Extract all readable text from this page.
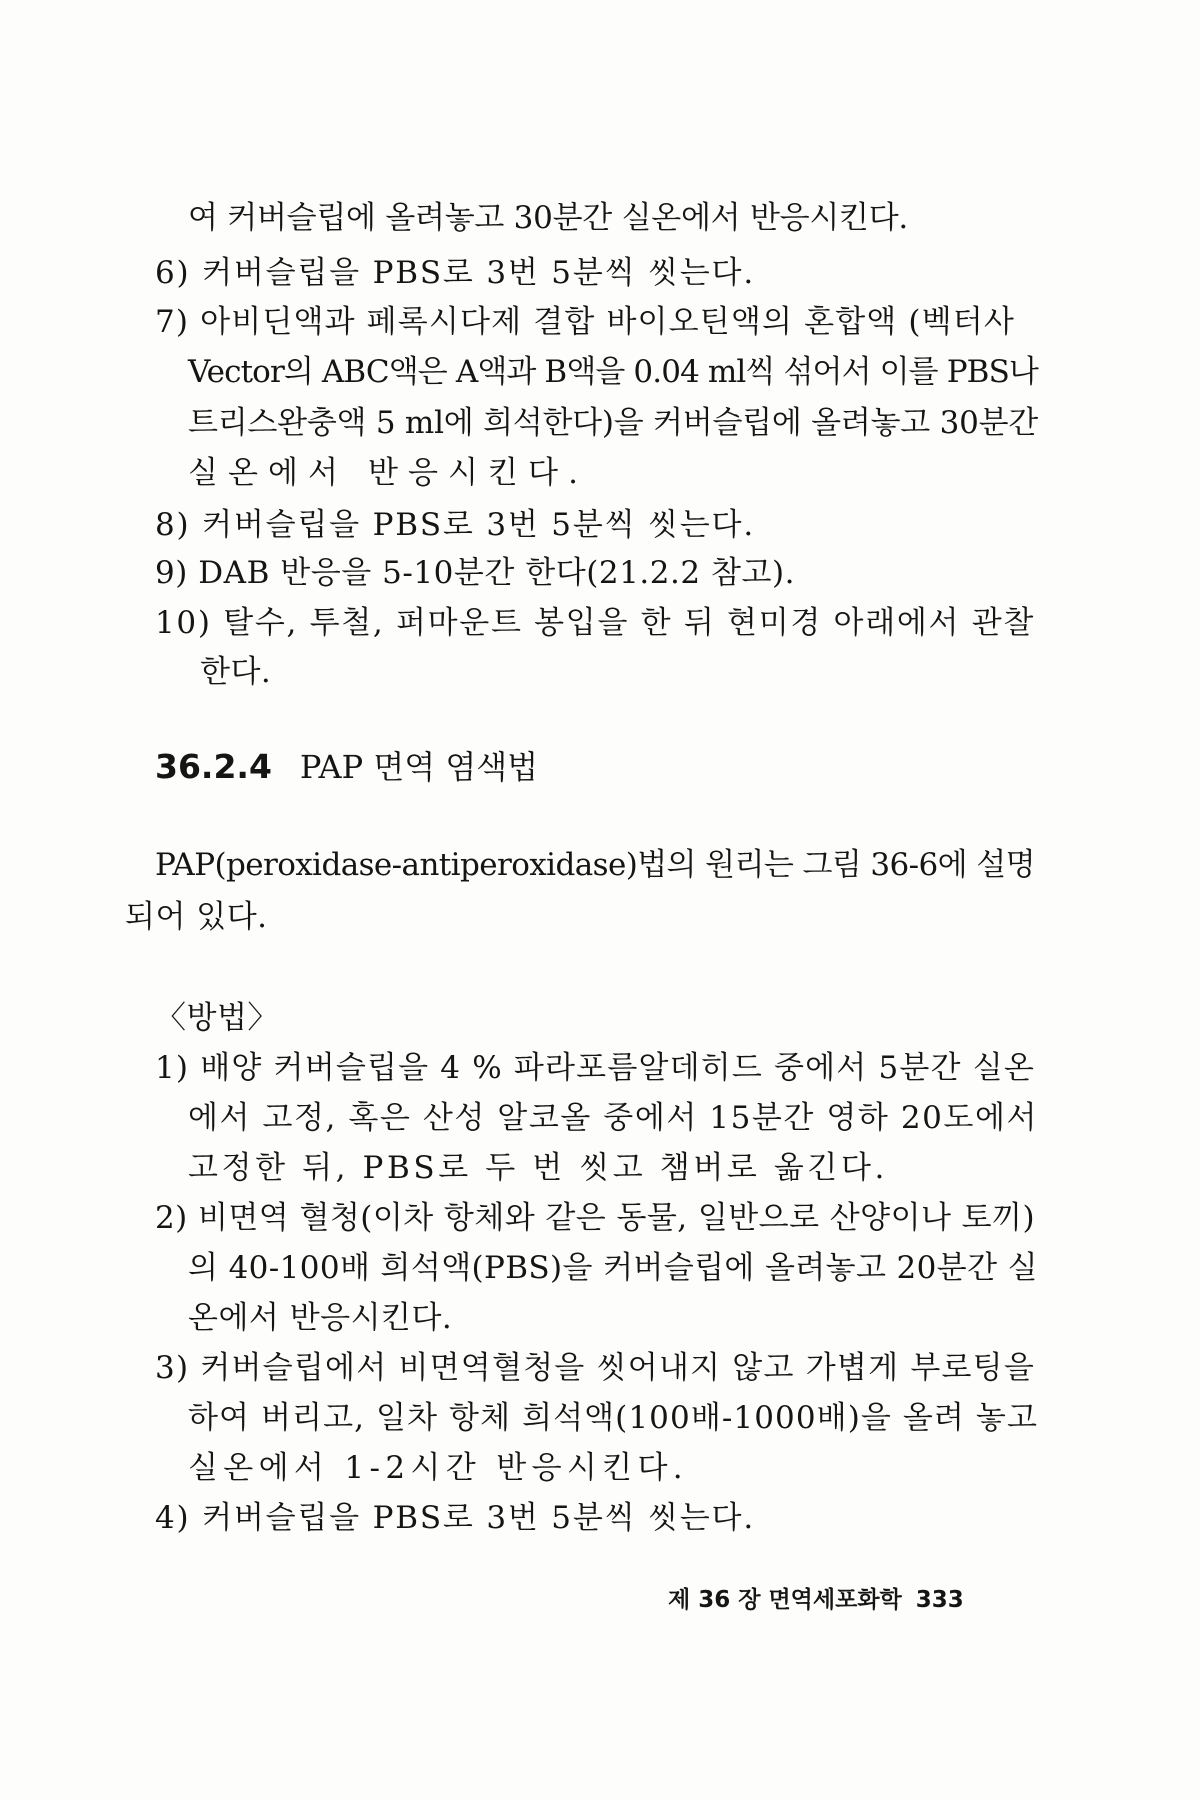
여 커버슬립에 올려놓고 30분간 실온에서 반응시킨다.
6) 커버슬립을 PBS로 3번 5분씩 씻는다.
7) 아비딘액과 페록시다제 결합 바이오틴액의 혼합액 (벡터사
Vector의 ABC액은 A액과 B액을 0.04 ml씩 섞어서 이를 PBS나
트리스완충액 5 ml에 희석한다)을 커버슬립에 올려놓고 30분간
실온에서 반응시킨다.
8) 커버슬립을 PBS로 3번 5분씩 씻는다.
9) DAB 반응을 5-10분간 한다(21.2.2 참고).
10) 탈수, 투철, 퍼마운트 봉입을 한 뒤 현미경 아래에서 관찰
한다.
36.2.4 PAP 면역 염색법
PAP(peroxidase-antiperoxidase)법의 원리는 그림 36-6에 설명
되어 있다.
〈방법〉
1) 배양 커버슬립을 4 % 파라포름알데히드 중에서 5분간 실온
에서 고정, 혹은 산성 알코올 중에서 15분간 영하 20도에서
고정한 뒤, PBS로 두 번 씻고 챔버로 옮긴다.
2) 비면역 혈청(이차 항체와 같은 동물, 일반으로 산양이나 토끼)
의 40-100배 희석액(PBS)을 커버슬립에 올려놓고 20분간 실
온에서 반응시킨다.
3) 커버슬립에서 비면역혈청을 씻어내지 않고 가볍게 부로팅을
하여 버리고, 일차 항체 희석액(100배-1000배)을 올려 놓고
실온에서 1-2시간 반응시킨다.
4) 커버슬립을 PBS로 3번 5분씩 씻는다.
제 36 장 면역세포화학 333
